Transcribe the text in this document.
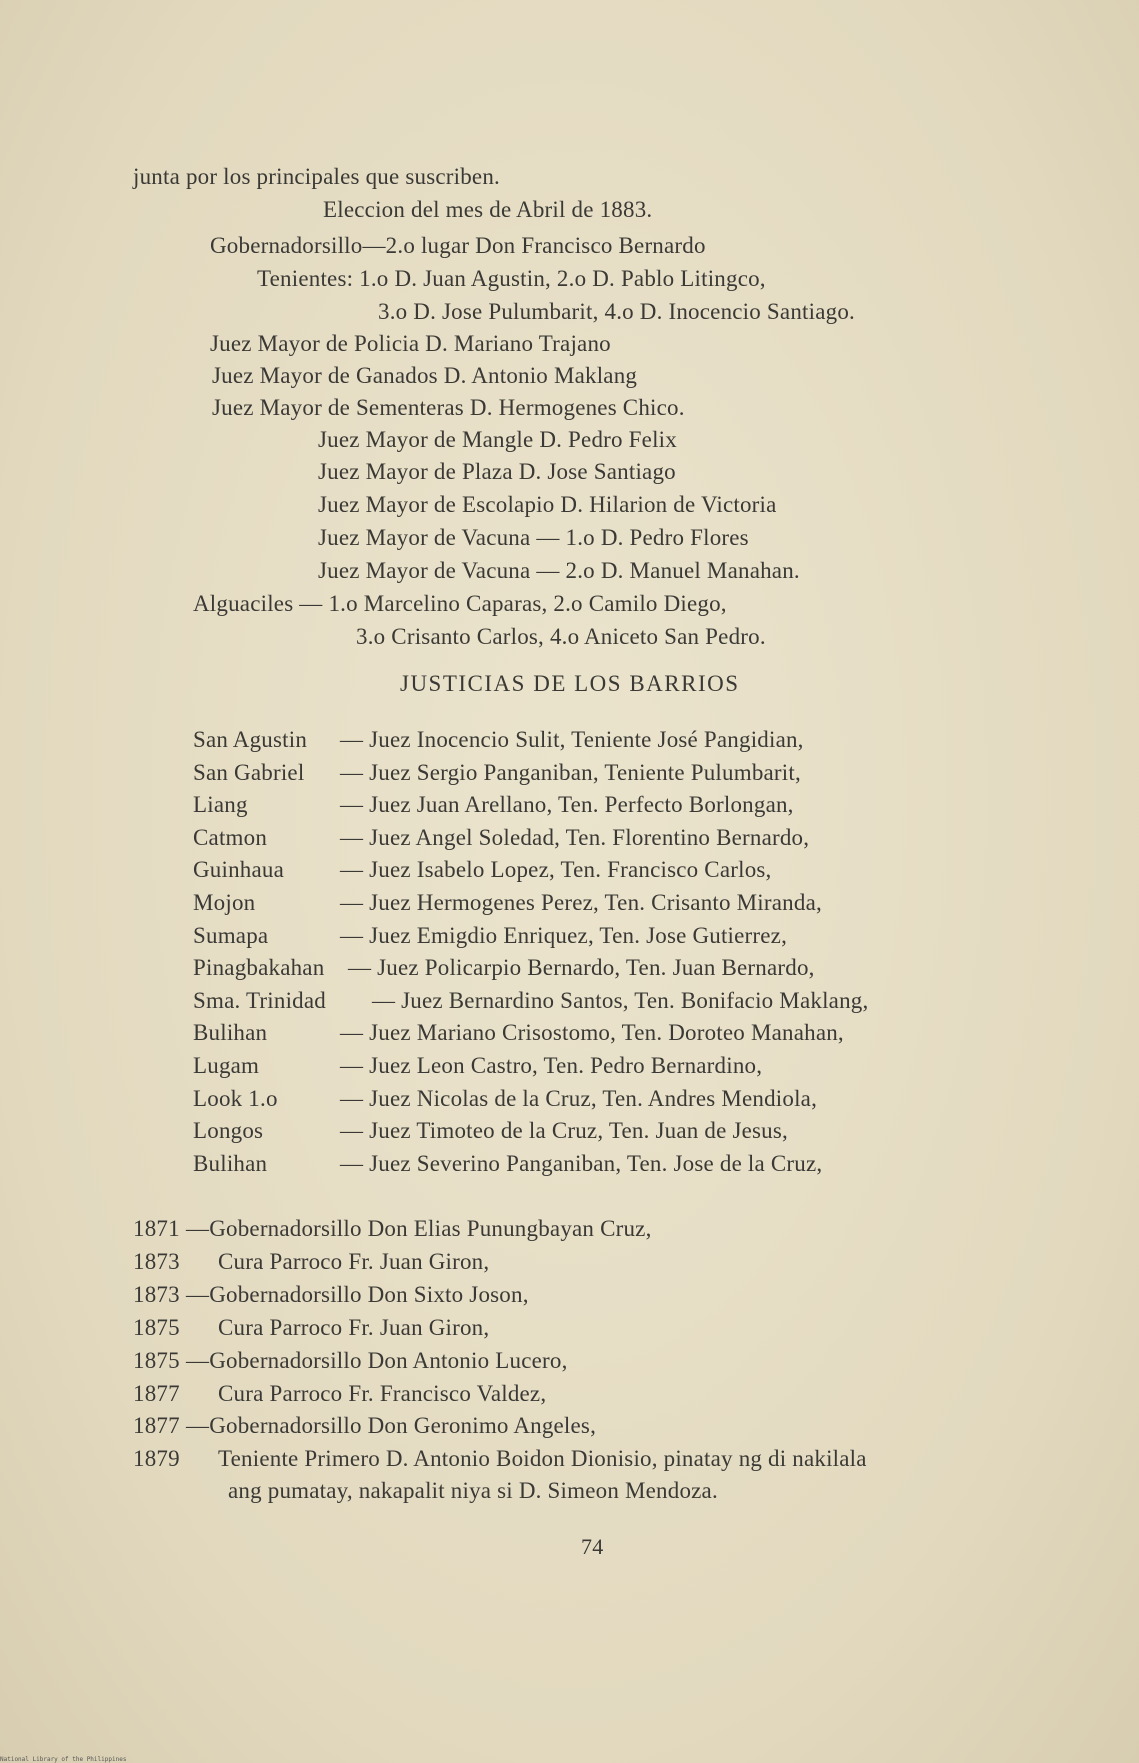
junta por los principales que suscriben.
Eleccion del mes de Abril de 1883.
Gobernadorsillo—2.o lugar Don Francisco Bernardo
Tenientes: 1.o D. Juan Agustin, 2.o D. Pablo Litingco,
3.o D. Jose Pulumbarit, 4.o D. Inocencio Santiago.
Juez Mayor de Policia D. Mariano Trajano
Juez Mayor de Ganados D. Antonio Maklang
Juez Mayor de Sementeras D. Hermogenes Chico.
Juez Mayor de Mangle D. Pedro Felix
Juez Mayor de Plaza D. Jose Santiago
Juez Mayor de Escolapio D. Hilarion de Victoria
Juez Mayor de Vacuna — 1.o D. Pedro Flores
Juez Mayor de Vacuna — 2.o D. Manuel Manahan.
Alguaciles — 1.o Marcelino Caparas, 2.o Camilo Diego,
3.o Crisanto Carlos, 4.o Aniceto San Pedro.
JUSTICIAS DE LOS BARRIOS
San Agustin — Juez Inocencio Sulit, Teniente José Pangidian,
San Gabriel — Juez Sergio Panganiban, Teniente Pulumbarit,
Liang	— Juez Juan Arellano, Ten. Perfecto Borlongan,
Catmon	— Juez Angel Soledad, Ten. Florentino Bernardo,
Guinhaua — Juez Isabelo Lopez, Ten. Francisco Carlos,
Mojon	— Juez Hermogenes Perez, Ten. Crisanto Miranda,
Sumapa	— Juez Emigdio Enriquez, Ten. Jose Gutierrez,
Pinagbakahan — Juez Policarpio Bernardo, Ten. Juan Bernardo,
Sma. Trinidad — Juez Bernardino Santos, Ten. Bonifacio Maklang,
Bulihan	— Juez Mariano Crisostomo, Ten. Doroteo Manahan,
Lugam	— Juez Leon Castro, Ten. Pedro Bernardino,
Look 1.o	— Juez Nicolas de la Cruz, Ten. Andres Mendiola,
Longos	— Juez Timoteo de la Cruz, Ten. Juan de Jesus,
Bulihan	— Juez Severino Panganiban, Ten. Jose de la Cruz,
1871 —Gobernadorsillo Don Elias Punungbayan Cruz,
1873 Cura Parroco Fr. Juan Giron,
1873 —Gobernadorsillo Don Sixto Joson,
1875 Cura Parroco Fr. Juan Giron,
1875 —Gobernadorsillo Don Antonio Lucero,
1877 Cura Parroco Fr. Francisco Valdez,
1877 —Gobernadorsillo Don Geronimo Angeles,
1879 Teniente Primero D. Antonio Boidon Dionisio, pinatay ng di nakilala
ang pumatay, nakapalit niya si D. Simeon Mendoza.
74
National Library of the Philippines
